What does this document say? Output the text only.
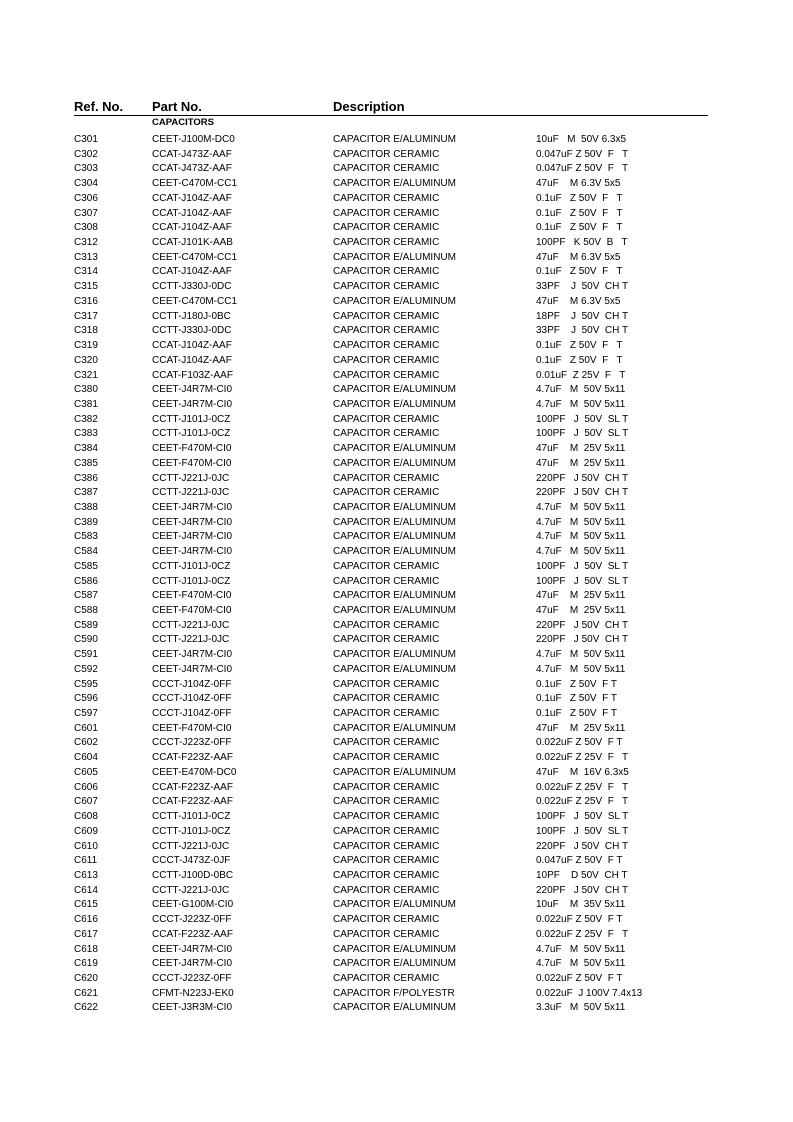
Ref. No. Part No.	Description
CAPACITORS
C301	CEET-J100M-DC0	CAPACITOR E/ALUMINUM	10uF   M  50V 6.3x5
C302	CCAT-J473Z-AAF	CAPACITOR CERAMIC	0.047uF Z 50V  F   T
C303	CCAT-J473Z-AAF	CAPACITOR CERAMIC	0.047uF Z 50V  F   T
C304	CEET-C470M-CC1	CAPACITOR E/ALUMINUM	47uF    M 6.3V 5x5
C306	CCAT-J104Z-AAF	CAPACITOR CERAMIC	0.1uF   Z 50V  F   T
C307	CCAT-J104Z-AAF	CAPACITOR CERAMIC	0.1uF   Z 50V  F   T
C308	CCAT-J104Z-AAF	CAPACITOR CERAMIC	0.1uF   Z 50V  F   T
C312	CCAT-J101K-AAB	CAPACITOR CERAMIC	100PF   K 50V  B   T
C313	CEET-C470M-CC1	CAPACITOR E/ALUMINUM	47uF    M 6.3V 5x5
C314	CCAT-J104Z-AAF	CAPACITOR CERAMIC	0.1uF   Z 50V  F   T
C315	CCTT-J330J-0DC	CAPACITOR CERAMIC	33PF    J  50V  CH T
C316	CEET-C470M-CC1	CAPACITOR E/ALUMINUM	47uF    M 6.3V 5x5
C317	CCTT-J180J-0BC	CAPACITOR CERAMIC	18PF    J  50V  CH T
C318	CCTT-J330J-0DC	CAPACITOR CERAMIC	33PF    J  50V  CH T
C319	CCAT-J104Z-AAF	CAPACITOR CERAMIC	0.1uF   Z 50V  F   T
C320	CCAT-J104Z-AAF	CAPACITOR CERAMIC	0.1uF   Z 50V  F   T
C321	CCAT-F103Z-AAF	CAPACITOR CERAMIC	0.01uF  Z 25V  F   T
C380	CEET-J4R7M-CI0	CAPACITOR E/ALUMINUM	4.7uF   M  50V 5x11
C381	CEET-J4R7M-CI0	CAPACITOR E/ALUMINUM	4.7uF   M  50V 5x11
C382	CCTT-J101J-0CZ	CAPACITOR CERAMIC	100PF   J  50V  SL T
C383	CCTT-J101J-0CZ	CAPACITOR CERAMIC	100PF   J  50V  SL T
C384	CEET-F470M-CI0	CAPACITOR E/ALUMINUM	47uF    M  25V 5x11
C385	CEET-F470M-CI0	CAPACITOR E/ALUMINUM	47uF    M  25V 5x11
C386	CCTT-J221J-0JC	CAPACITOR CERAMIC	220PF   J 50V  CH T
C387	CCTT-J221J-0JC	CAPACITOR CERAMIC	220PF   J 50V  CH T
C388	CEET-J4R7M-CI0	CAPACITOR E/ALUMINUM	4.7uF   M  50V 5x11
C389	CEET-J4R7M-CI0	CAPACITOR E/ALUMINUM	4.7uF   M  50V 5x11
C583	CEET-J4R7M-CI0	CAPACITOR E/ALUMINUM	4.7uF   M  50V 5x11
C584	CEET-J4R7M-CI0	CAPACITOR E/ALUMINUM	4.7uF   M  50V 5x11
C585	CCTT-J101J-0CZ	CAPACITOR CERAMIC	100PF   J  50V  SL T
C586	CCTT-J101J-0CZ	CAPACITOR CERAMIC	100PF   J  50V  SL T
C587	CEET-F470M-CI0	CAPACITOR E/ALUMINUM	47uF    M  25V 5x11
C588	CEET-F470M-CI0	CAPACITOR E/ALUMINUM	47uF    M  25V 5x11
C589	CCTT-J221J-0JC	CAPACITOR CERAMIC	220PF   J 50V  CH T
C590	CCTT-J221J-0JC	CAPACITOR CERAMIC	220PF   J 50V  CH T
C591	CEET-J4R7M-CI0	CAPACITOR E/ALUMINUM	4.7uF   M  50V 5x11
C592	CEET-J4R7M-CI0	CAPACITOR E/ALUMINUM	4.7uF   M  50V 5x11
C595	CCCT-J104Z-0FF	CAPACITOR CERAMIC	0.1uF   Z 50V  F T
C596	CCCT-J104Z-0FF	CAPACITOR CERAMIC	0.1uF   Z 50V  F T
C597	CCCT-J104Z-0FF	CAPACITOR CERAMIC	0.1uF   Z 50V  F T
C601	CEET-F470M-CI0	CAPACITOR E/ALUMINUM	47uF    M  25V 5x11
C602	CCCT-J223Z-0FF	CAPACITOR CERAMIC	0.022uF Z 50V  F T
C604	CCAT-F223Z-AAF	CAPACITOR CERAMIC	0.022uF Z 25V  F   T
C605	CEET-E470M-DC0	CAPACITOR E/ALUMINUM	47uF    M  16V 6.3x5
C606	CCAT-F223Z-AAF	CAPACITOR CERAMIC	0.022uF Z 25V  F   T
C607	CCAT-F223Z-AAF	CAPACITOR CERAMIC	0.022uF Z 25V  F   T
C608	CCTT-J101J-0CZ	CAPACITOR CERAMIC	100PF   J  50V  SL T
C609	CCTT-J101J-0CZ	CAPACITOR CERAMIC	100PF   J  50V  SL T
C610	CCTT-J221J-0JC	CAPACITOR CERAMIC	220PF   J 50V  CH T
C611	CCCT-J473Z-0JF	CAPACITOR CERAMIC	0.047uF Z 50V  F T
C613	CCTT-J100D-0BC	CAPACITOR CERAMIC	10PF    D 50V  CH T
C614	CCTT-J221J-0JC	CAPACITOR CERAMIC	220PF   J 50V  CH T
C615	CEET-G100M-CI0	CAPACITOR E/ALUMINUM	10uF    M  35V 5x11
C616	CCCT-J223Z-0FF	CAPACITOR CERAMIC	0.022uF Z 50V  F T
C617	CCAT-F223Z-AAF	CAPACITOR CERAMIC	0.022uF Z 25V  F   T
C618	CEET-J4R7M-CI0	CAPACITOR E/ALUMINUM	4.7uF   M  50V 5x11
C619	CEET-J4R7M-CI0	CAPACITOR E/ALUMINUM	4.7uF   M  50V 5x11
C620	CCCT-J223Z-0FF	CAPACITOR CERAMIC	0.022uF Z 50V  F T
C621	CFMT-N223J-EK0	CAPACITOR F/POLYESTR	0.022uF  J 100V 7.4x13
C622	CEET-J3R3M-CI0	CAPACITOR E/ALUMINUM	3.3uF   M  50V 5x11
